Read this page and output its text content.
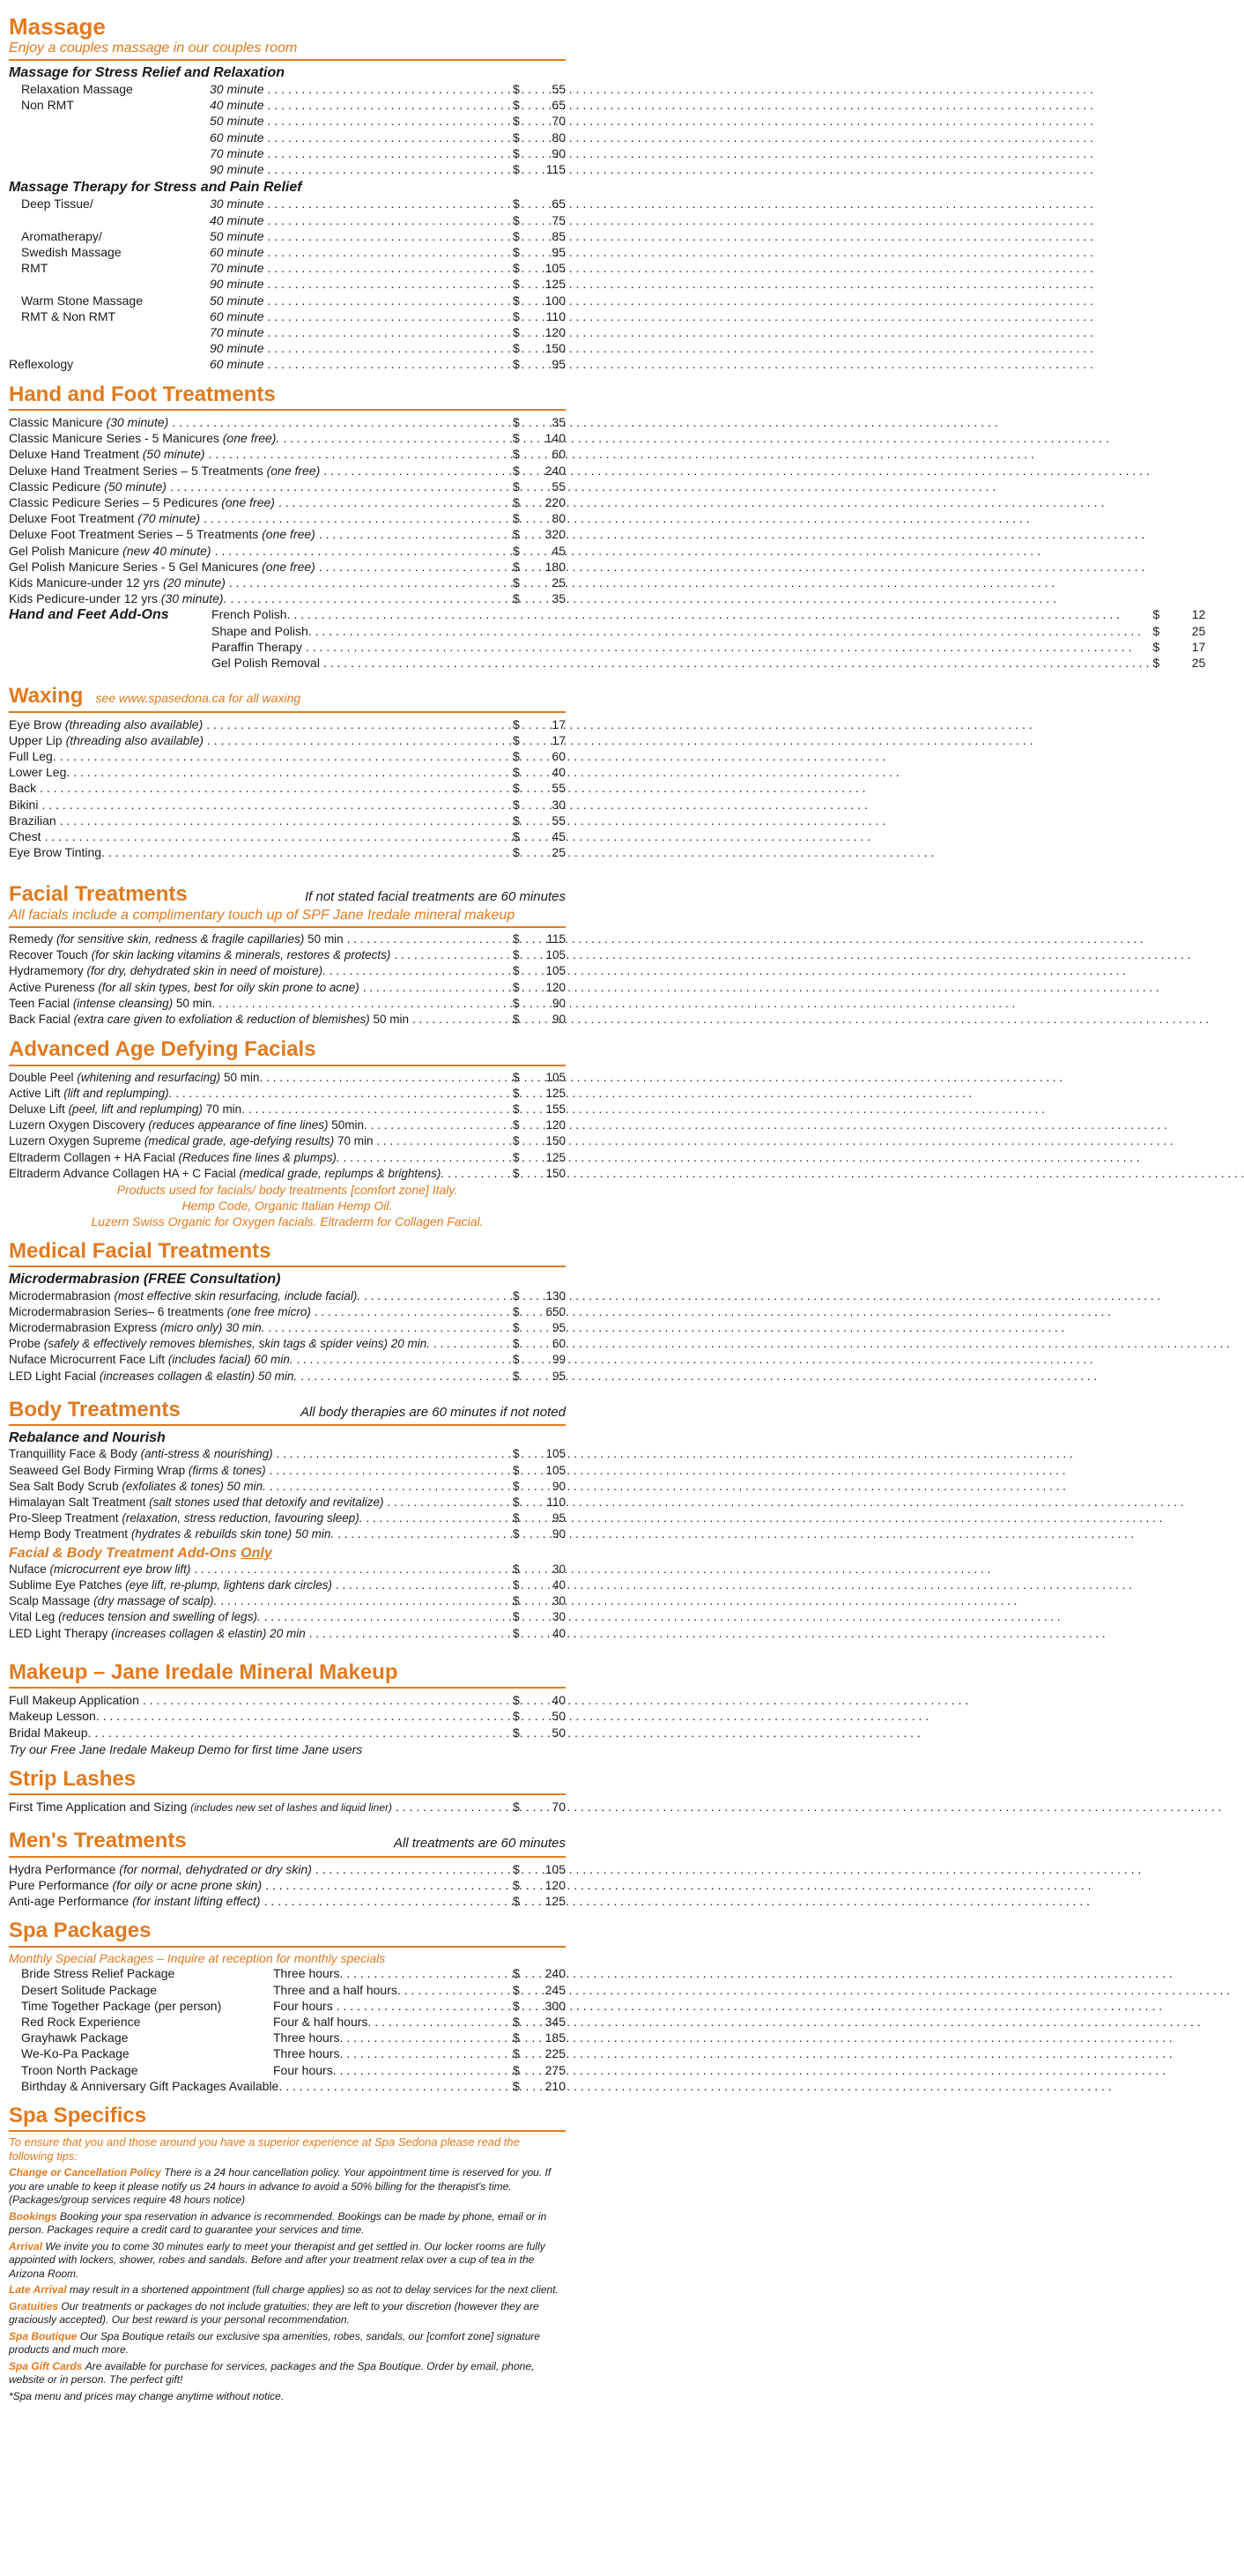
Massage
Enjoy a couples massage in our couples room
Massage for Stress Relief and Relaxation
Relaxation Massage	30 minute . . .	$	55
Non RMT	40 minute . . .	$	65
50 minute . . .	$	70
60 minute . . .	$	80
70 minute . . .	$	90
90 minute . . .	$ 115
Massage Therapy for Stress and Pain Relief
Deep Tissue/	30 minute . . .	$	65
40 minute . . .	$	75
Aromatherapy/	50 minute . . .	$	85
Swedish Massage	60 minute . . .	$	95
RMT	70 minute . . .	$ 105
90 minute . . .	$ 125
Warm Stone Massage	50 minute . . .	$ 100
RMT & Non RMT	60 minute . . .	$ 110
70 minute . . .	$ 120
90 minute . . .	$ 150
Reflexology	60 minute . . .	$	95
Hand and Foot Treatments
Classic Manicure (30 minute) . . .	$	35
Classic Manicure Series - 5 Manicures (one free). . . .	$ 140
Deluxe Hand Treatment (50 minute) . . .	$	60
Deluxe Hand Treatment Series – 5 Treatments (one free) . . .	$ 240
Classic Pedicure (50 minute) . . .	$	55
Classic Pedicure Series – 5 Pedicures (one free) . . .	$ 220
Deluxe Foot Treatment (70 minute) . . .	$	80
Deluxe Foot Treatment Series – 5 Treatments (one free) . . .	$ 320
Gel Polish Manicure (new 40 minute) . . .	$	45
Gel Polish Manicure Series - 5 Gel Manicures (one free) . . .	$ 180
Kids Manicure-under 12 yrs (20 minute) . . .	$	25
Kids Pedicure-under 12 yrs (30 minute). . . .	$	35
Hand and Feet Add-Ons	French Polish. . . .	$	12
Shape and Polish. . . .	$	25
Paraffin Therapy . . .	$	17
Gel Polish Removal . . .	$	25
Waxing see www.spasedona.ca for all waxing
Eye Brow (threading also available) . . .	$	17
Upper Lip (threading also available) . . .	$	17
Full Leg. . . .	$	60
Lower Leg. . . .	$	40
Back . . .	$	55
Bikini . . .	$	30
Brazilian . . .	$	55
Chest . . .	$	45
Eye Brow Tinting. . . .	$	25
Facial Treatments	If not stated facial treatments are 60 minutes
All facials include a complimentary touch up of SPF Jane Iredale mineral makeup
Remedy (for sensitive skin, redness & fragile capillaries) 50 min . . .	$ 115
Recover Touch (for skin lacking vitamins & minerals, restores & protects) . . .	$ 105
Hydramemory (for dry, dehydrated skin in need of moisture). . . .	$ 105
Active Pureness (for all skin types, best for oily skin prone to acne) . . .	$ 120
Teen Facial (intense cleansing) 50 min. . . .	$	90
Back Facial (extra care given to exfoliation & reduction of blemishes) 50 min . . .	$	90
Advanced Age Defying Facials
Double Peel (whitening and resurfacing) 50 min. . . .	$ 105
Active Lift (lift and replumping). . . .	$ 125
Deluxe Lift (peel, lift and replumping) 70 min. . . .	$ 155
Luzern Oxygen Discovery (reduces appearance of fine lines) 50min. . . .	$ 120
Luzern Oxygen Supreme (medical grade, age-defying results) 70 min . . .	$ 150
Eltraderm Collagen + HA Facial (Reduces fine lines & plumps). . . .	$ 125
Eltraderm Advance Collagen HA + C Facial (medical grade, replumps & brightens). . . .	$ 150
Products used for facials/ body treatments [comfort zone] Italy.
Hemp Code, Organic Italian Hemp Oil.
Luzern Swiss Organic for Oxygen facials. Eltraderm for Collagen Facial.
Medical Facial Treatments
Microdermabrasion (FREE Consultation)
Microdermabrasion (most effective skin resurfacing, include facial). . . .	$ 130
Microdermabrasion Series– 6 treatments (one free micro) . . .	$ 650
Microdermabrasion Express (micro only) 30 min. . . .	$	95
Probe (safely & effectively removes blemishes, skin tags & spider veins) 20 min. . . .	$	60
Nuface Microcurrent Face Lift (includes facial) 60 min. . . .	$	99
LED Light Facial (increases collagen & elastin) 50 min. . . .	$	95
Body Treatments	All body therapies are 60 minutes if not noted
Rebalance and Nourish
Tranquillity Face & Body (anti-stress & nourishing) . . .	$ 105
Seaweed Gel Body Firming Wrap (firms & tones) . . .	$ 105
Sea Salt Body Scrub (exfoliates & tones) 50 min. . . .	$	90
Himalayan Salt Treatment (salt stones used that detoxify and revitalize) . . .	$ 110
Pro-Sleep Treatment (relaxation, stress reduction, favouring sleep). . . .	$	95
Hemp Body Treatment (hydrates & rebuilds skin tone) 50 min. . . .	$	90
Facial & Body Treatment Add-Ons Only
Nuface (microcurrent eye brow lift) . . .	$	30
Sublime Eye Patches (eye lift, re-plump, lightens dark circles) . . .	$	40
Scalp Massage (dry massage of scalp). . . .	$	30
Vital Leg (reduces tension and swelling of legs). . . .	$	30
LED Light Therapy (increases collagen & elastin) 20 min . . .	$	40
Makeup – Jane Iredale Mineral Makeup
Full Makeup Application . . .	$	40
Makeup Lesson. . . .	$	50
Bridal Makeup. . . .	$	50
Try our Free Jane Iredale Makeup Demo for first time Jane users
Strip Lashes
First Time Application and Sizing (includes new set of lashes and liquid liner) . . .	$	70
Men's Treatments	All treatments are 60 minutes
Hydra Performance (for normal, dehydrated or dry skin) . . .	$ 105
Pure Performance (for oily or acne prone skin) . . .	$ 120
Anti-age Performance (for instant lifting effect) . . .	$ 125
Spa Packages
Monthly Special Packages – Inquire at reception for monthly specials
Bride Stress Relief Package	Three hours. . . .	$ 240
Desert Solitude Package	Three and a half hours. . . .	$ 245
Time Together Package (per person)	Four hours . . .	$ 300
Red Rock Experience	Four & half hours. . . .	$ 345
Grayhawk Package	Three hours. . . .	$ 185
We-Ko-Pa Package	Three hours. . . .	$ 225
Troon North Package	Four hours. . . .	$ 275
Birthday & Anniversary Gift Packages Available. . . .	$ 210
Spa Specifics
To ensure that you and those around you have a superior experience at Spa Sedona please read the following tips:
Change or Cancellation Policy There is a 24 hour cancellation policy. Your appointment time is reserved for you. If you are unable to keep it please notify us 24 hours in advance to avoid a 50% billing for the therapist's time. (Packages/group services require 48 hours notice)
Bookings Booking your spa reservation in advance is recommended. Bookings can be made by phone, email or in person. Packages require a credit card to guarantee your services and time.
Arrival We invite you to come 30 minutes early to meet your therapist and get settled in. Our locker rooms are fully appointed with lockers, shower, robes and sandals. Before and after your treatment relax over a cup of tea in the Arizona Room.
Late Arrival may result in a shortened appointment (full charge applies) so as not to delay services for the next client.
Gratuities Our treatments or packages do not include gratuities; they are left to your discretion (however they are graciously accepted). Our best reward is your personal recommendation.
Spa Boutique Our Spa Boutique retails our exclusive spa amenities, robes, sandals, our [comfort zone] signature products and much more.
Spa Gift Cards Are available for purchase for services, packages and the Spa Boutique. Order by email, phone, website or in person. The perfect gift!
*Spa menu and prices may change anytime without notice.
